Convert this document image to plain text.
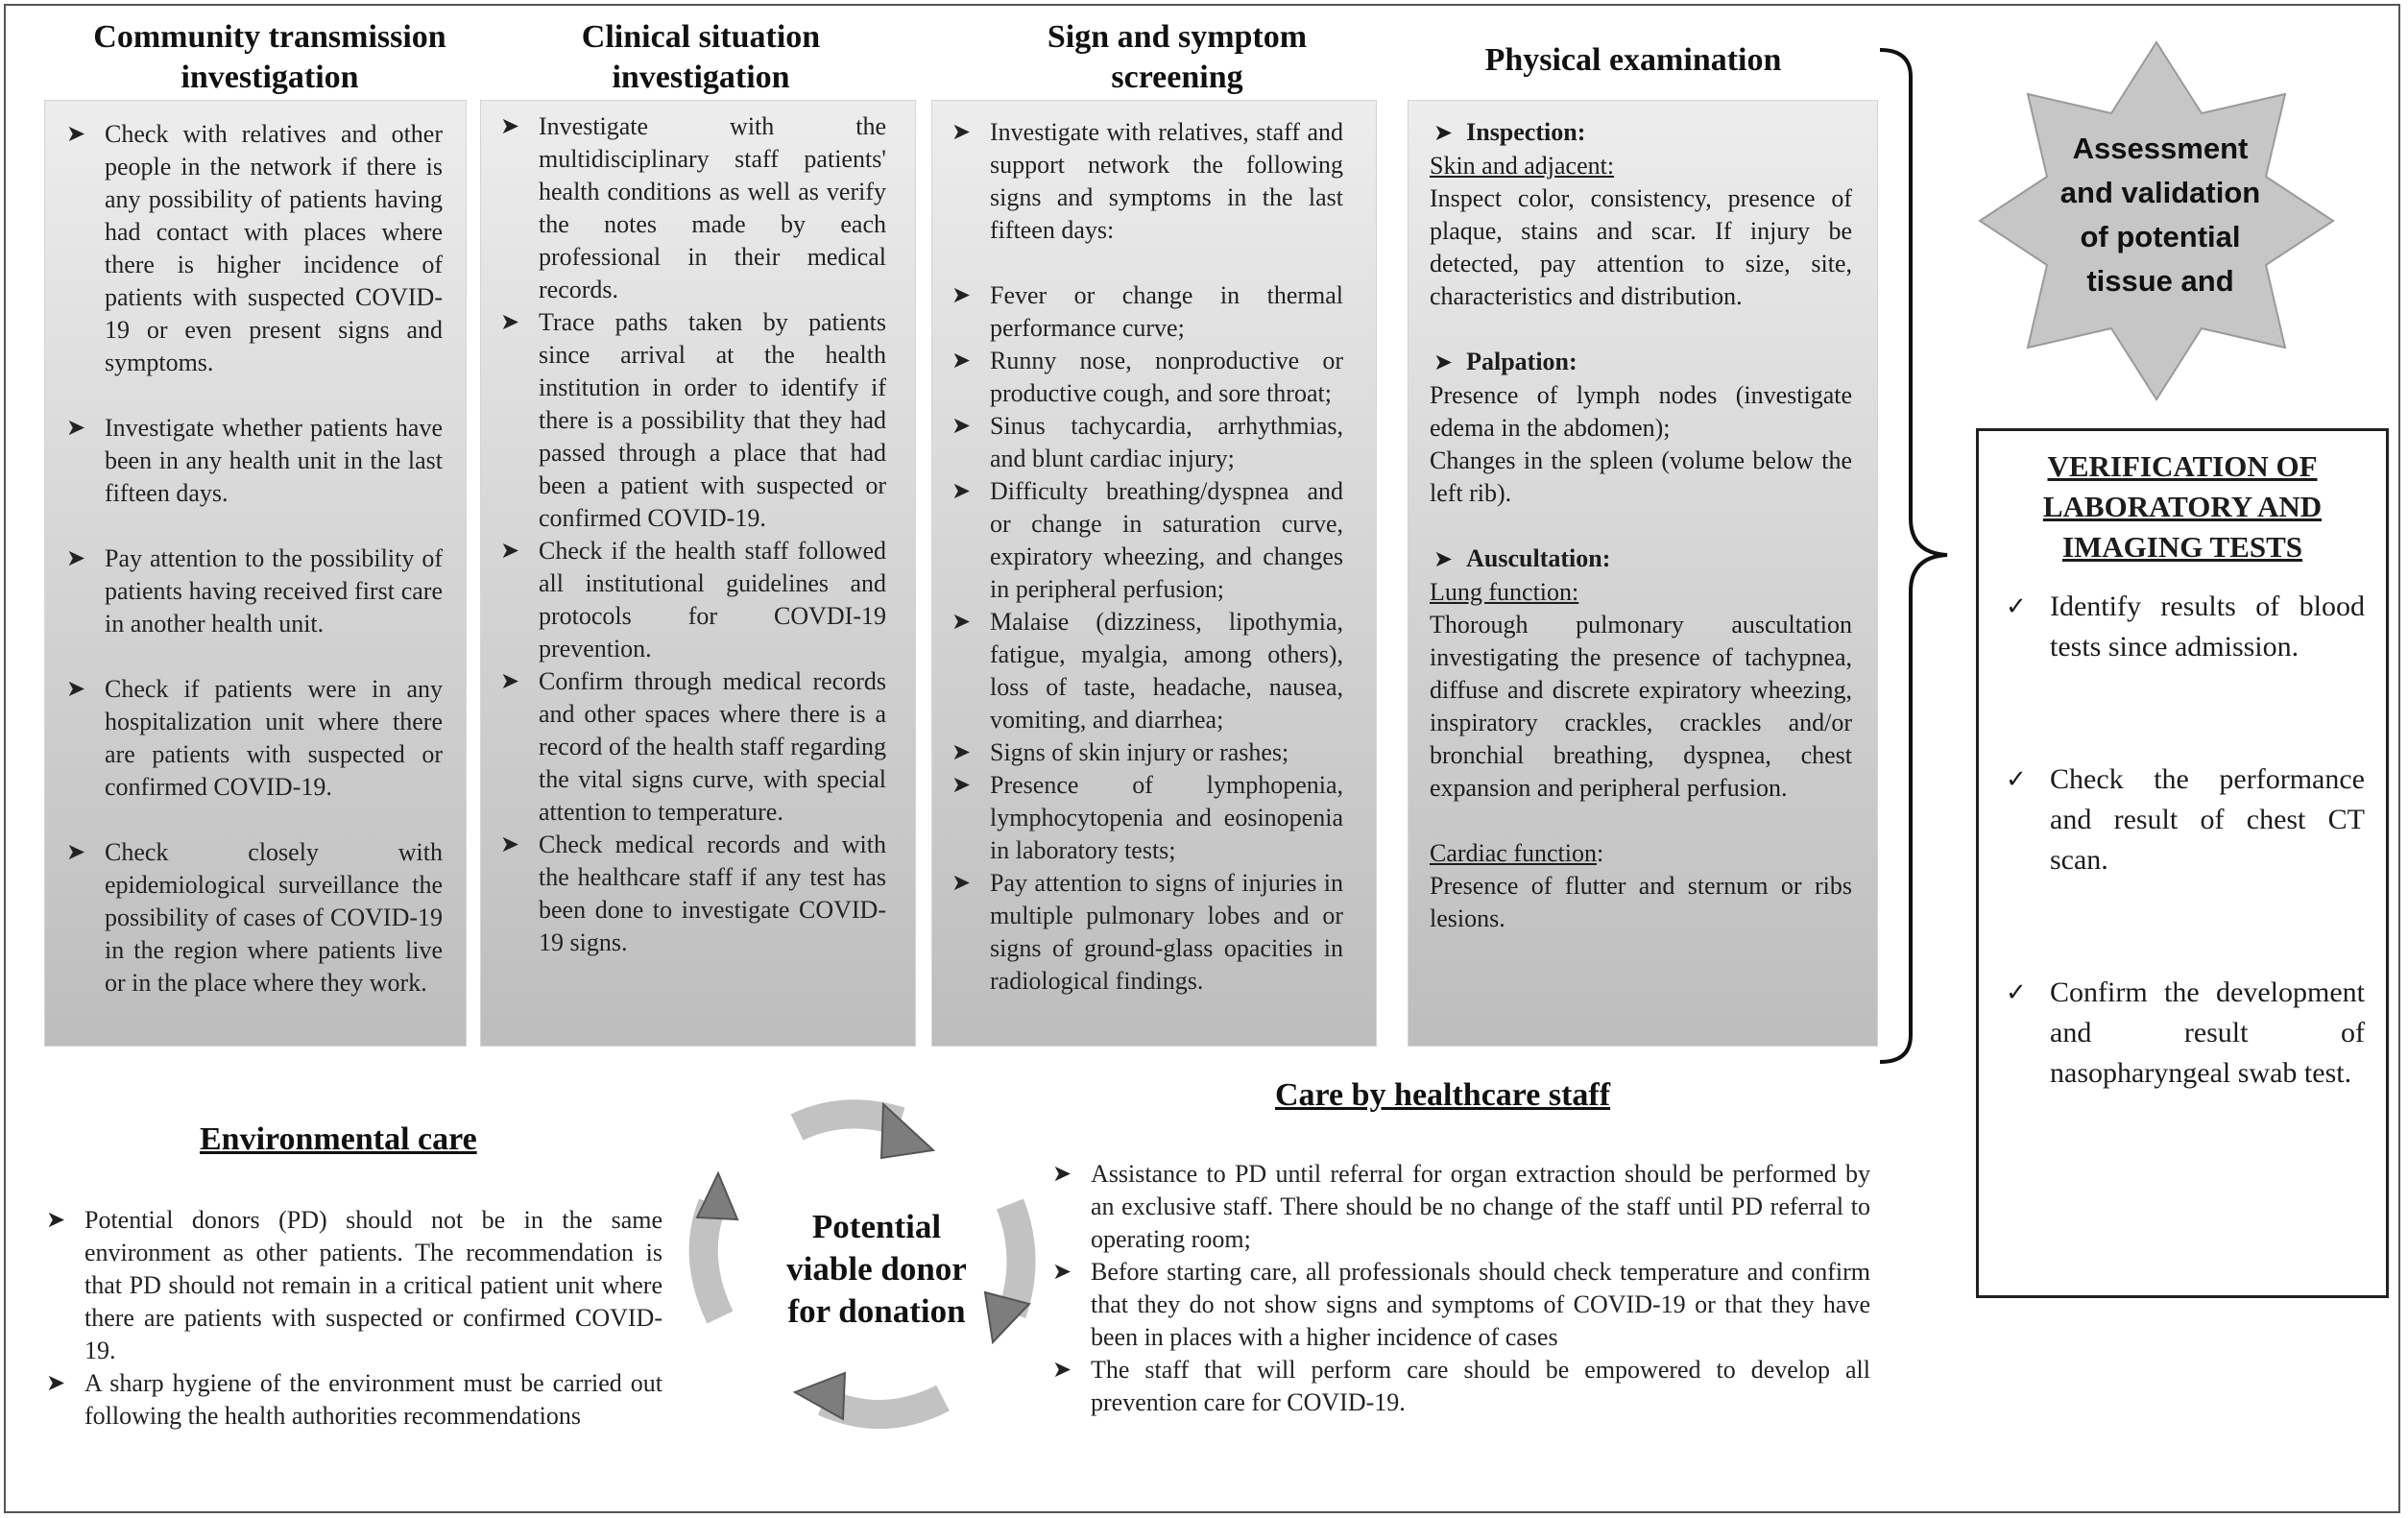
Community transmission
investigation
Clinical situation
investigation
Sign and symptom
screening	Physical examination
➤ Check with relatives and other people in the network if there is any possibility of patients having had contact with places where there is higher incidence of patients with suspected COVID-19 or even present signs and symptoms.
➤ Investigate whether patients have been in any health unit in the last fifteen days.
➤ Pay attention to the possibility of patients having received first care in another health unit.
➤ Check if patients were in any hospitalization unit where there are patients with suspected or confirmed COVID-19.
➤ Check closely with epidemiological surveillance the possibility of cases of COVID-19 in the region where patients live or in the place where they work.
➤ Investigate with the multidisciplinary staff patients' health conditions as well as verify the notes made by each professional in their medical records.
➤ Trace paths taken by patients since arrival at the health institution in order to identify if there is a possibility that they had passed through a place that had been a patient with suspected or confirmed COVID-19.
➤ Check if the health staff followed all institutional guidelines and protocols for COVDI-19 prevention.
➤ Confirm through medical records and other spaces where there is a record of the health staff regarding the vital signs curve, with special attention to temperature.
➤ Check medical records and with the healthcare staff if any test has been done to investigate COVID-19 signs.
➤ Investigate with relatives, staff and support network the following signs and symptoms in the last fifteen days:
➤ Fever or change in thermal performance curve;
➤ Runny nose, nonproductive or productive cough, and sore throat;
➤ Sinus tachycardia, arrhythmias, and blunt cardiac injury;
➤ Difficulty breathing/dyspnea and or change in saturation curve, expiratory wheezing, and changes in peripheral perfusion;
➤ Malaise (dizziness, lipothymia, fatigue, myalgia, among others), loss of taste, headache, nausea, vomiting, and diarrhea;
➤ Signs of skin injury or rashes;
➤ Presence of lymphopenia, lymphocytopenia and eosinopenia in laboratory tests;
➤ Pay attention to signs of injuries in multiple pulmonary lobes and or signs of ground-glass opacities in radiological findings.
➤ Inspection:
Skin and adjacent:
Inspect color, consistency, presence of plaque, stains and scar. If injury be detected, pay attention to size, site, characteristics and distribution.
➤ Palpation:
Presence of lymph nodes (investigate edema in the abdomen);
Changes in the spleen (volume below the left rib).
➤ Auscultation:
Lung function:
Thorough pulmonary auscultation investigating the presence of tachypnea, diffuse and discrete expiratory wheezing, inspiratory crackles, crackles and/or bronchial breathing, dyspnea, chest expansion and peripheral perfusion.
Cardiac function:
Presence of flutter and sternum or ribs lesions.
Assessment
and validation
of potential
tissue and
VERIFICATION OF
LABORATORY AND
IMAGING TESTS
✓ Identify results of blood tests since admission.
✓ Check the performance and result of chest CT scan.
✓ Confirm the development and result of nasopharyngeal swab test.
Environmental care
➤ Potential donors (PD) should not be in the same environment as other patients. The recommendation is that PD should not remain in a critical patient unit where there are patients with suspected or confirmed COVID-19.
➤ A sharp hygiene of the environment must be carried out following the health authorities recommendations
Potential
viable donor
for donation
Care by healthcare staff
➤ Assistance to PD until referral for organ extraction should be performed by an exclusive staff. There should be no change of the staff until PD referral to operating room;
➤ Before starting care, all professionals should check temperature and confirm that they do not show signs and symptoms of COVID-19 or that they have been in places with a higher incidence of cases
➤ The staff that will perform care should be empowered to develop all prevention care for COVID-19.
